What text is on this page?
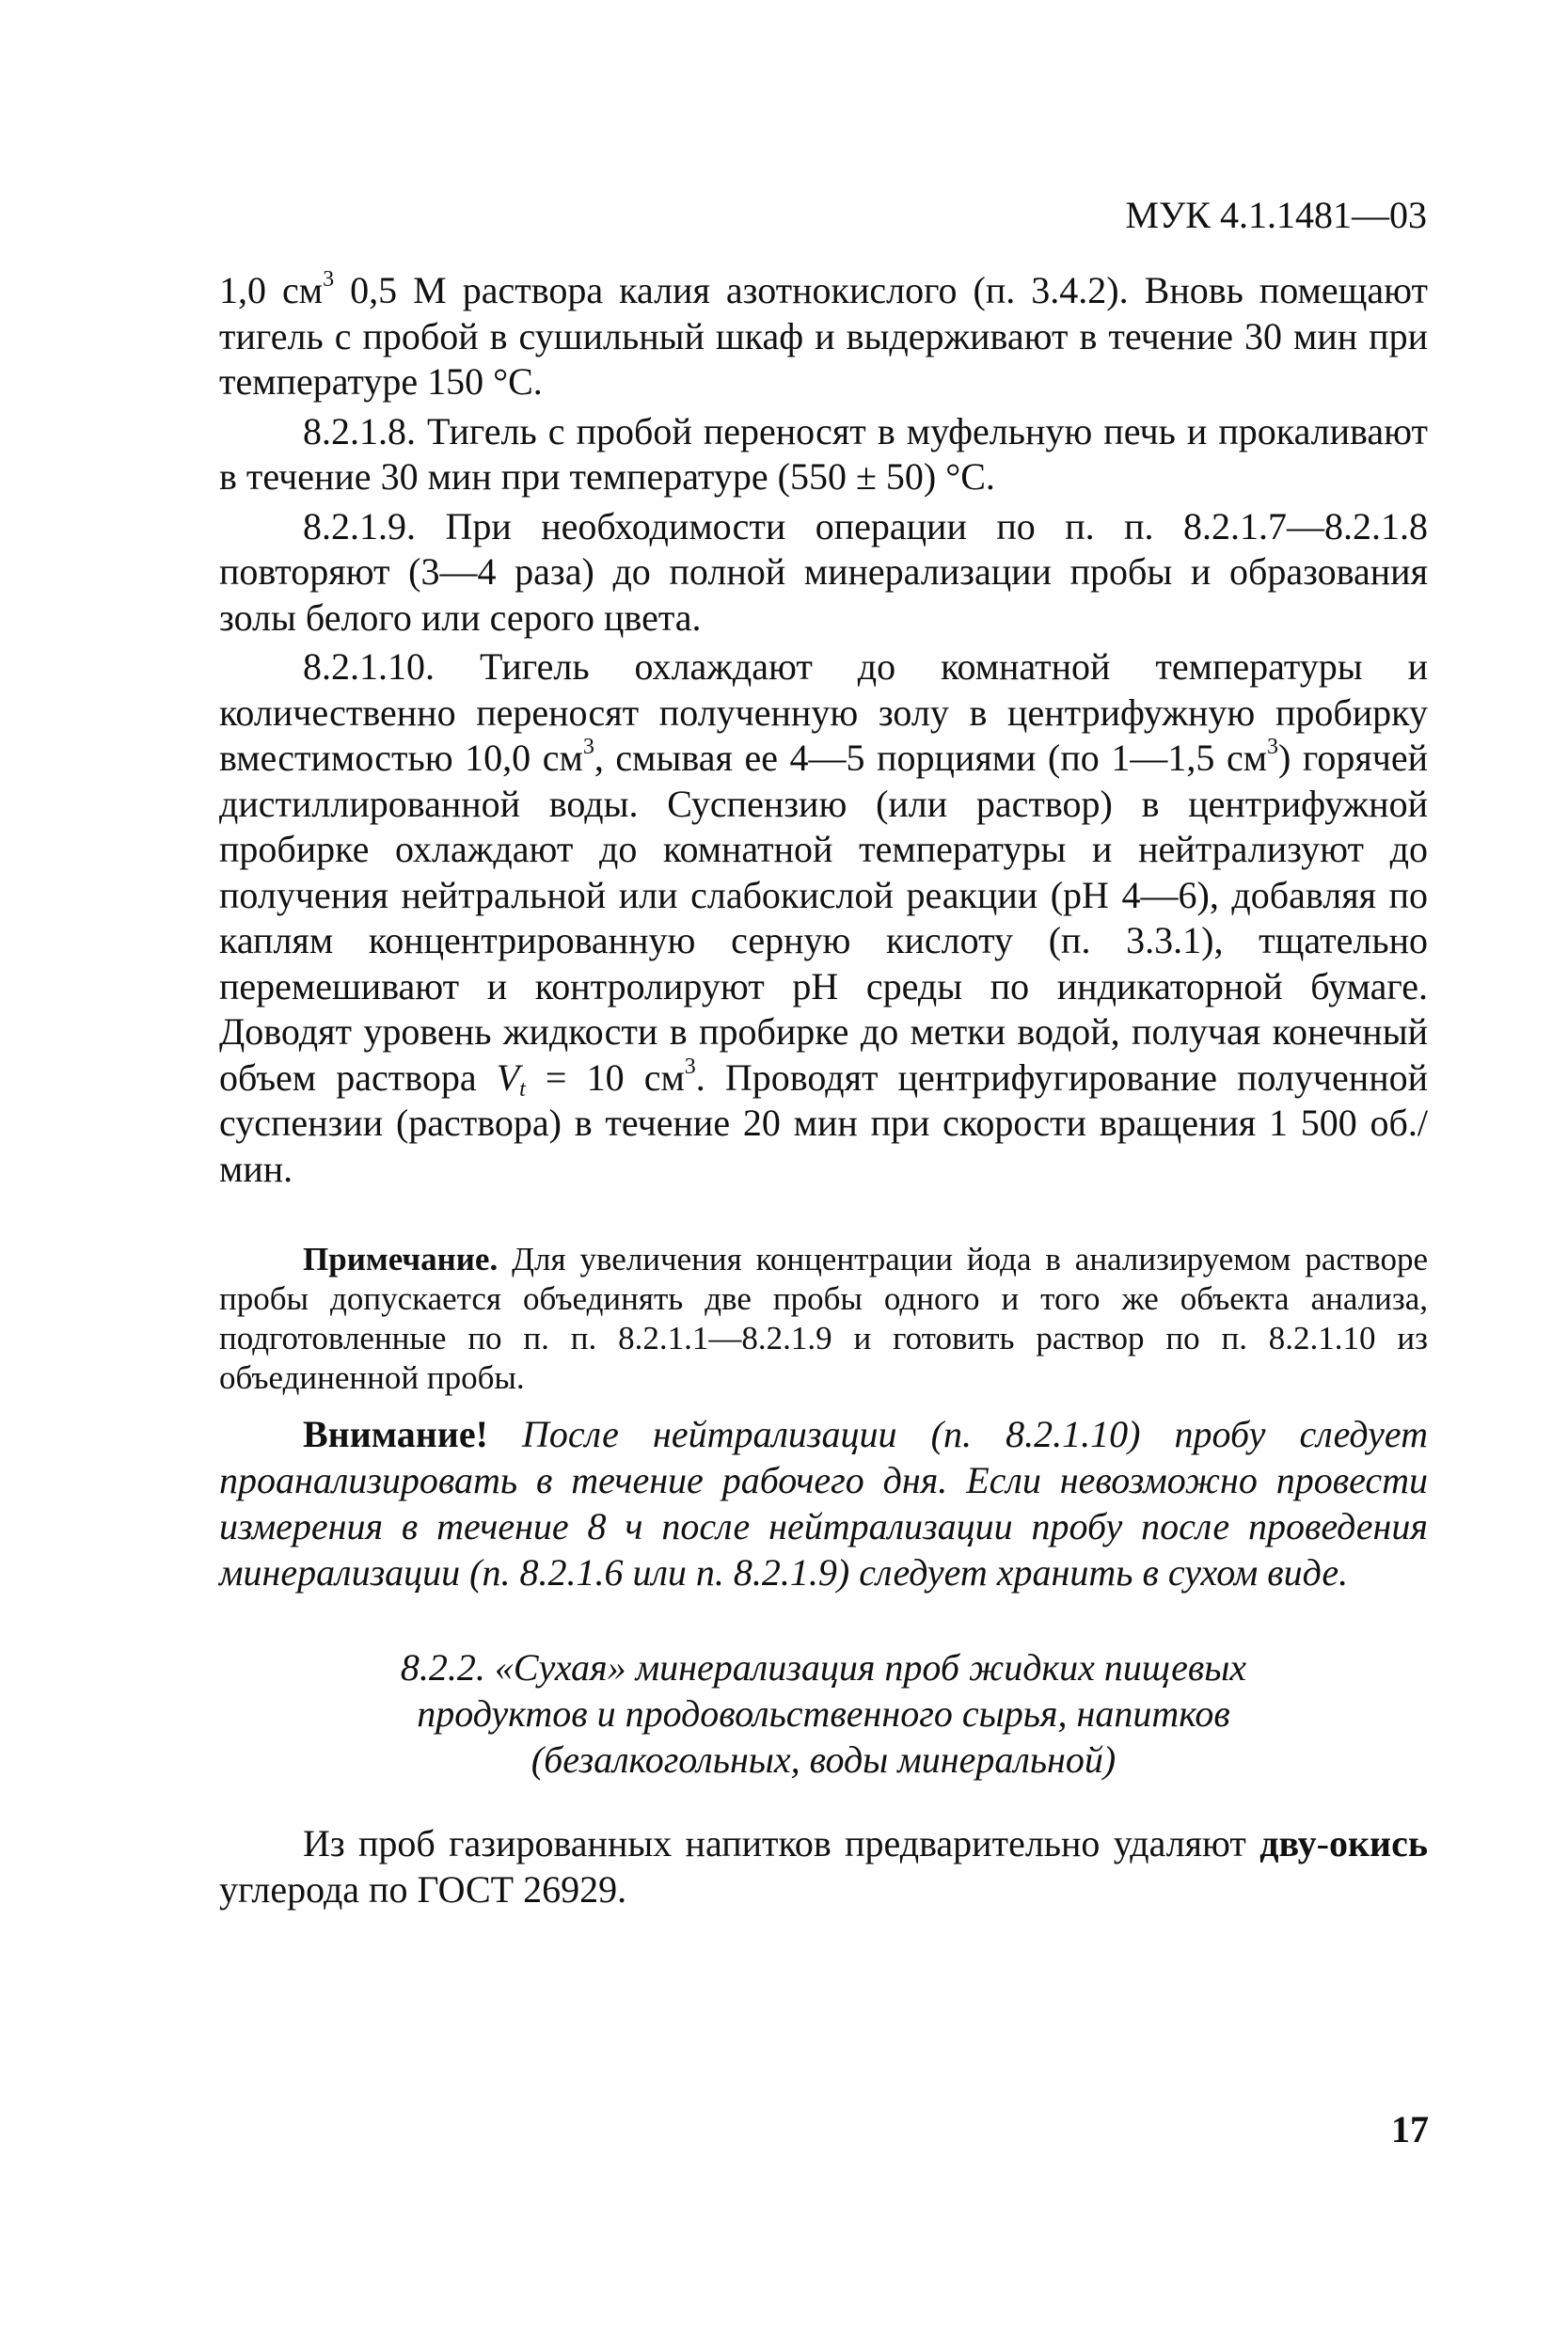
МУК 4.1.1481—03

1,0 $см^3$ 0,5 М раствора калия азотнокислого (п. 3.4.2). Вновь помещают тигель с пробой в сушильный шкаф и выдерживают в течение 30 мин при температуре 150 °С.

8.2.1.8. Тигель с пробой переносят в муфельную печь и прокаливают в течение 30 мин при температуре (550 ± 50) °С.

8.2.1.9. При необходимости операции по п. п. 8.2.1.7—8.2.1.8 повторяют (3—4 раза) до полной минерализации пробы и образования золы белого или серого цвета.

8.2.1.10. Тигель охлаждают до комнатной температуры и количественно переносят полученную золу в центрифужную пробирку вместимостью 10,0 $см^3$, смывая ее 4—5 порциями (по 1—1,5 $см^3$) горячей дистиллированной воды. Суспензию (или раствор) в центрифужной пробирке охлаждают до комнатной температуры и нейтрализуют до получения нейтральной или слабокислой реакции (рН 4—6), добавляя по каплям концентрированную серную кислоту (п. 3.3.1), тщательно перемешивают и контролируют рН среды по индикаторной бумаге. Доводят уровень жидкости в пробирке до метки водой, получая конечный объем раствора $V_t = 10$ $см^3$. Проводят центрифугирование полученной суспензии (раствора) в течение 20 мин при скорости вращения 1 500 об./мин.

Примечание. Для увеличения концентрации йода в анализируемом растворе пробы допускается объединять две пробы одного и того же объекта анализа, подготовленные по п. п. 8.2.1.1—8.2.1.9 и готовить раствор по п. 8.2.1.10 из объединенной пробы.
Внимание! После нейтрализации (п. 8.2.1.10) пробу следует проанализировать в течение рабочего дня. Если невозможно провести измерения в течение 8 ч после нейтрализации пробу после проведения минерализации (п. 8.2.1.6 или п. 8.2.1.9) следует хранить в сухом виде.
8.2.2. «Сухая» минерализация проб жидких пищевых
продуктов и продовольственного сырья, напитков
(безалкогольных, воды минеральной)
Из проб газированных напитков предварительно удаляют дву-окись углерода по ГОСТ 26929.
17
